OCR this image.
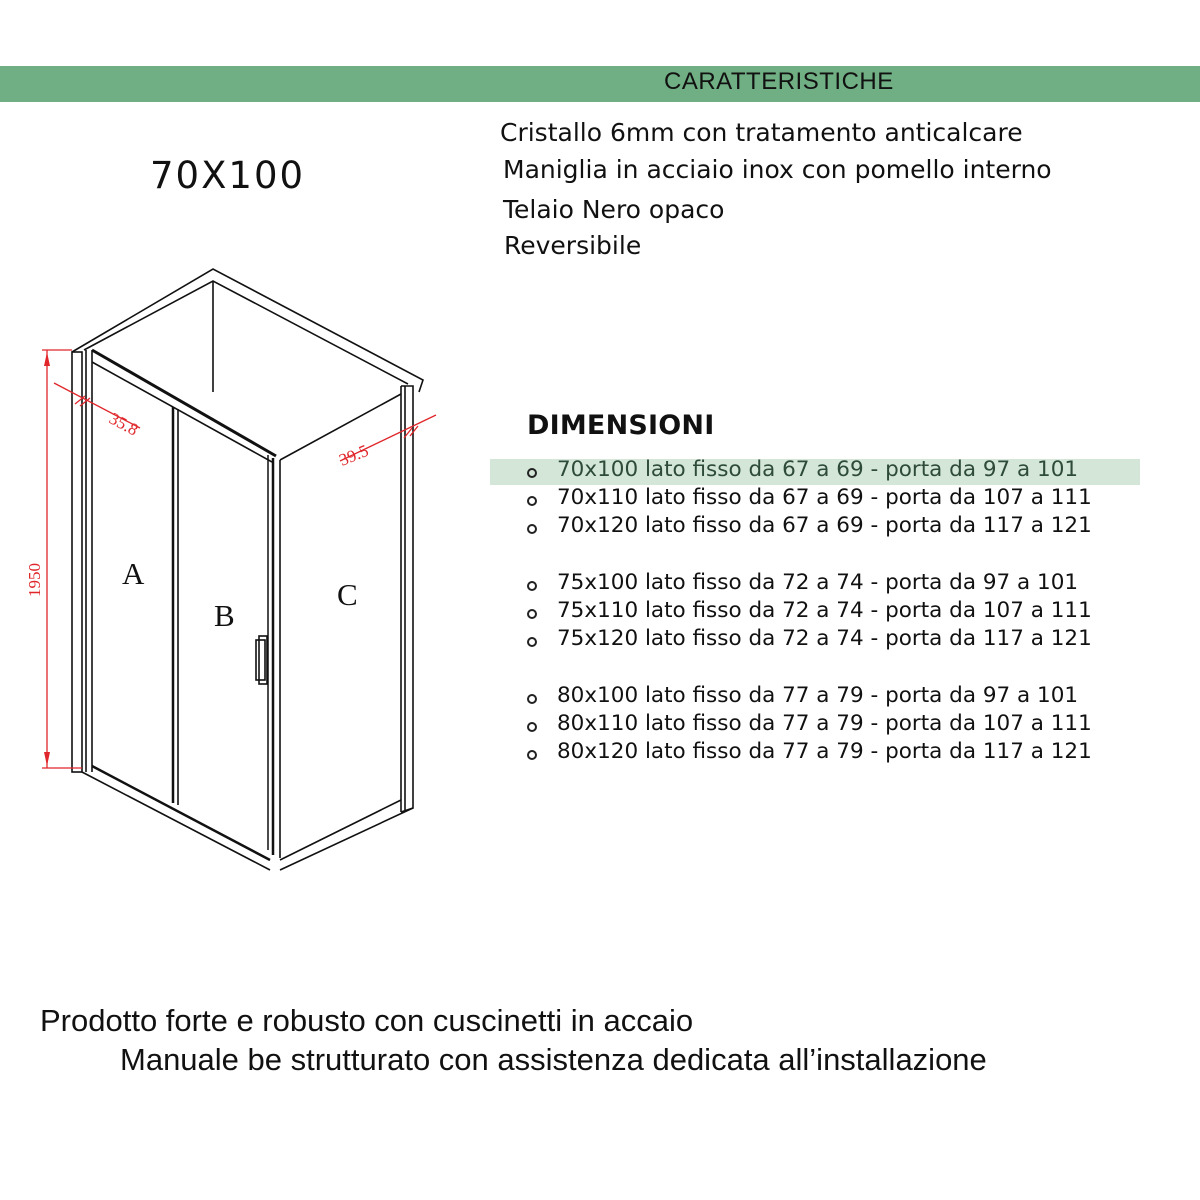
CARATTERISTICHE
70X100
Cristallo 6mm con tratamento anticalcare
Maniglia in acciaio inox con pomello interno
Telaio Nero opaco
Reversibile
1950
35.8
39.5
A
B
C
DIMENSIONI
70x100 lato fisso da 67 a 69 - porta da 97 a 101
70x110 lato fisso da 67 a 69 - porta da 107 a 111
70x120 lato fisso da 67 a 69 - porta da 117 a 121
75x100 lato fisso da 72 a 74 - porta da 97 a 101
75x110 lato fisso da 72 a 74 - porta da 107 a 111
75x120 lato fisso da 72 a 74 - porta da 117 a 121
80x100 lato fisso da 77 a 79 - porta da 97 a 101
80x110 lato fisso da 77 a 79 - porta da 107 a 111
80x120 lato fisso da 77 a 79 - porta da 117 a 121
Prodotto forte e robusto con cuscinetti in accaio
Manuale be strutturato con assistenza dedicata all’installazione
